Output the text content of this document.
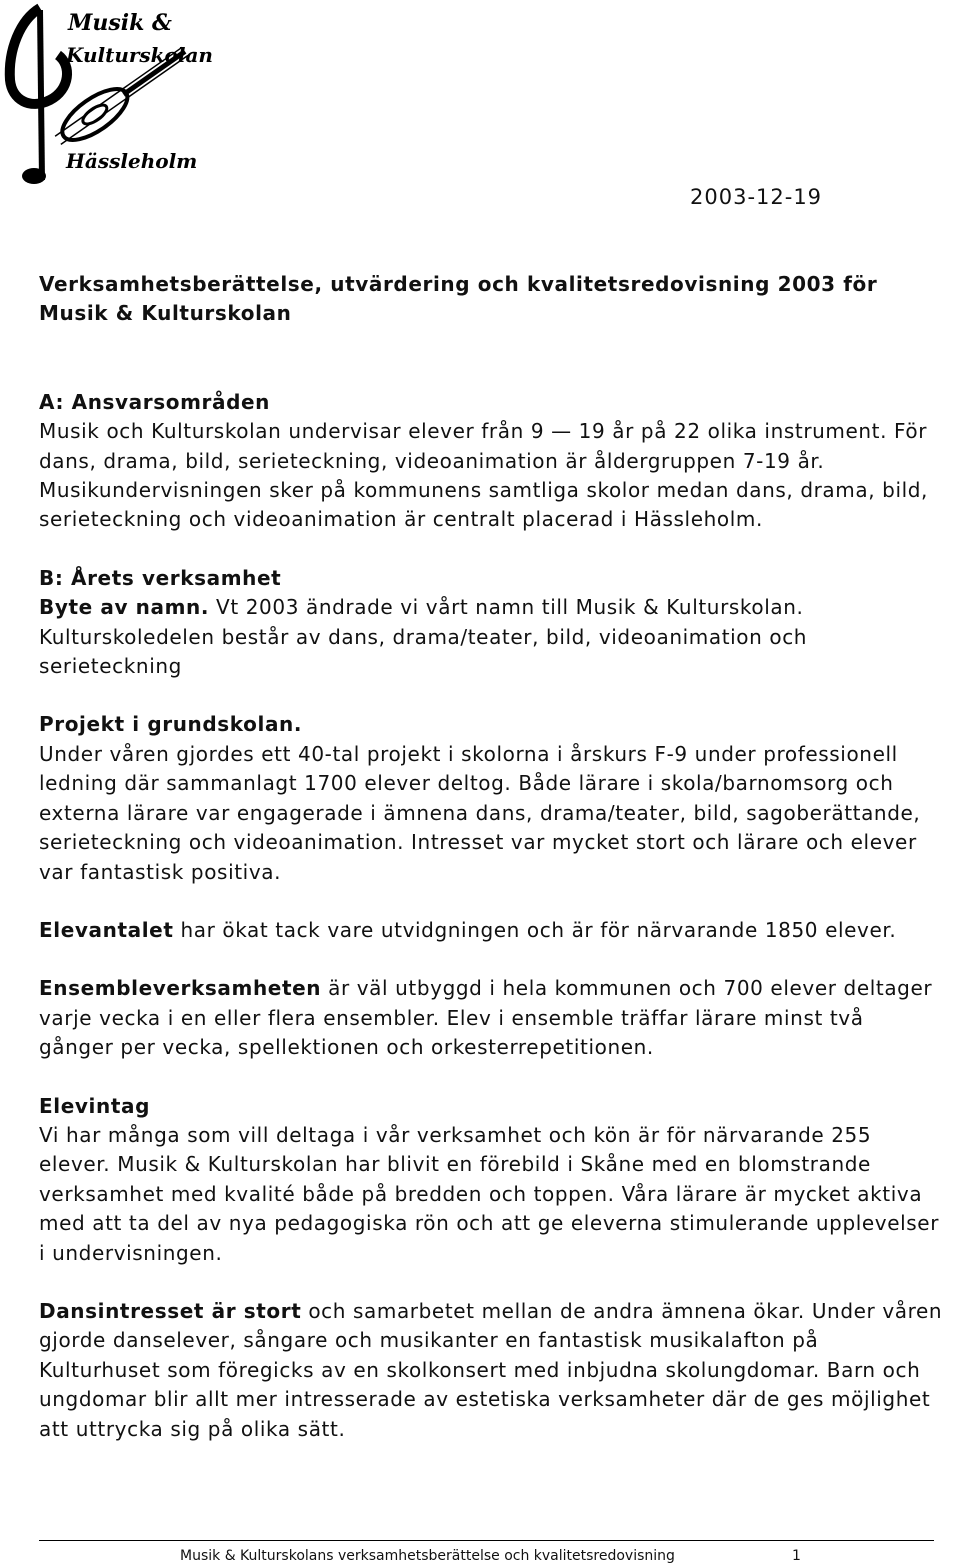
Musik &
Kulturskolan
Hässleholm
2003-12-19

Verksamhetsberättelse, utvärdering och kvalitetsredovisning 2003 för Musik & Kulturskolan

A: Ansvarsområden

Musik och Kulturskolan undervisar elever från 9 — 19 år på 22 olika instrument. För dans, drama, bild, serieteckning, videoanimation är åldergruppen 7-19 år. Musikundervisningen sker på kommunens samtliga skolor medan dans, drama, bild, serieteckning och videoanimation är centralt placerad i Hässleholm.

B: Årets verksamhet

Byte av namn. Vt 2003 ändrade vi vårt namn till Musik & Kulturskolan. Kulturskoledelen består av dans, drama/teater, bild, videoanimation och serieteckning

Projekt i grundskolan.

Under våren gjordes ett 40-tal projekt i skolorna i årskurs F-9 under professionell ledning där sammanlagt 1700 elever deltog. Både lärare i skola/barnomsorg och externa lärare var engagerade i ämnena dans, drama/teater, bild, sagoberättande, serieteckning och videoanimation. Intresset var mycket stort och lärare och elever var fantastisk positiva.

Elevantalet har ökat tack vare utvidgningen och är för närvarande 1850 elever.

Ensembleverksamheten är väl utbyggd i hela kommunen och 700 elever deltager varje vecka i en eller flera ensembler. Elev i ensemble träffar lärare minst två gånger per vecka, spellektionen och orkesterrepetitionen.

Elevintag

Vi har många som vill deltaga i vår verksamhet och kön är för närvarande 255 elever. Musik & Kulturskolan har blivit en förebild i Skåne med en blomstrande verksamhet med kvalité både på bredden och toppen. Våra lärare är mycket aktiva med att ta del av nya pedagogiska rön och att ge eleverna stimulerande upplevelser i undervisningen.

Dansintresset är stort och samarbetet mellan de andra ämnena ökar. Under våren gjorde danselever, sångare och musikanter en fantastisk musikalafton på Kulturhuset som föregicks av en skolkonsert med inbjudna skolungdomar. Barn och ungdomar blir allt mer intresserade av estetiska verksamheter där de ges möjlighet att uttrycka sig på olika sätt.

Musik & Kulturskolans verksamhetsberättelse och kvalitetsredovisning	1
